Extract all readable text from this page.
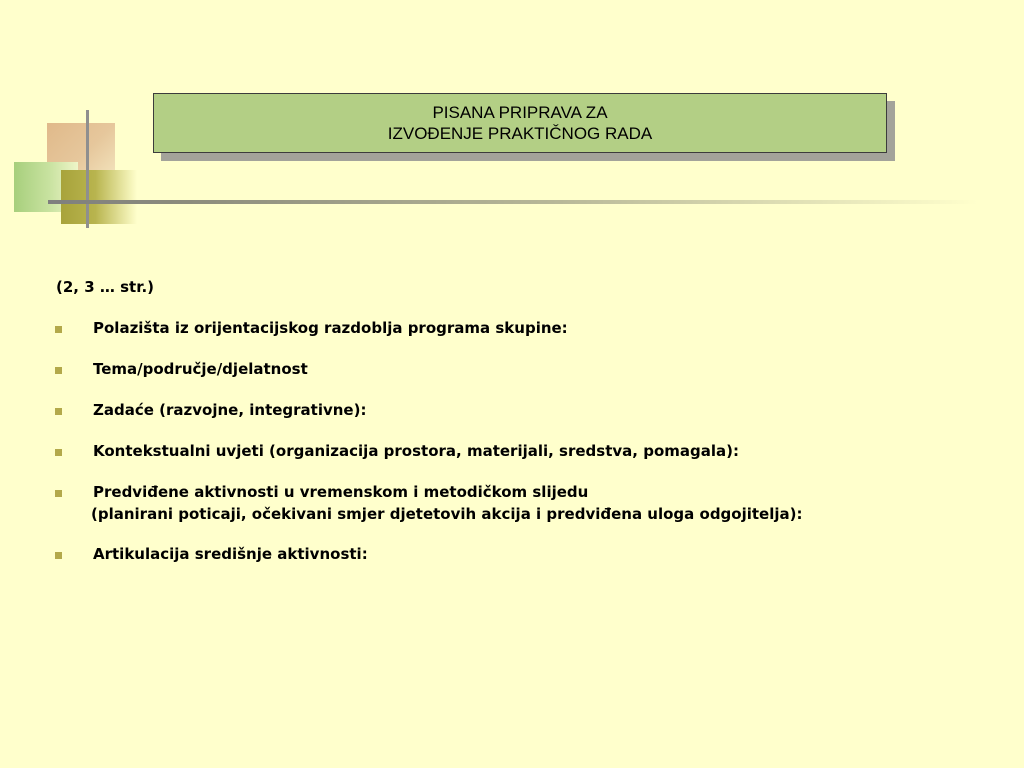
PISANA PRIPRAVA ZA
IZVOĐENJE PRAKTIČNOG RADA
(2, 3 … str.)
Polazišta iz orijentacijskog razdoblja programa skupine:
Tema/područje/djelatnost
Zadaće (razvojne, integrativne):
Kontekstualni uvjeti (organizacija prostora, materijali, sredstva, pomagala):
Predviđene aktivnosti u vremenskom i metodičkom slijedu
(planirani poticaji, očekivani smjer djetetovih akcija i predviđena uloga odgojitelja):
Artikulacija središnje aktivnosti:
